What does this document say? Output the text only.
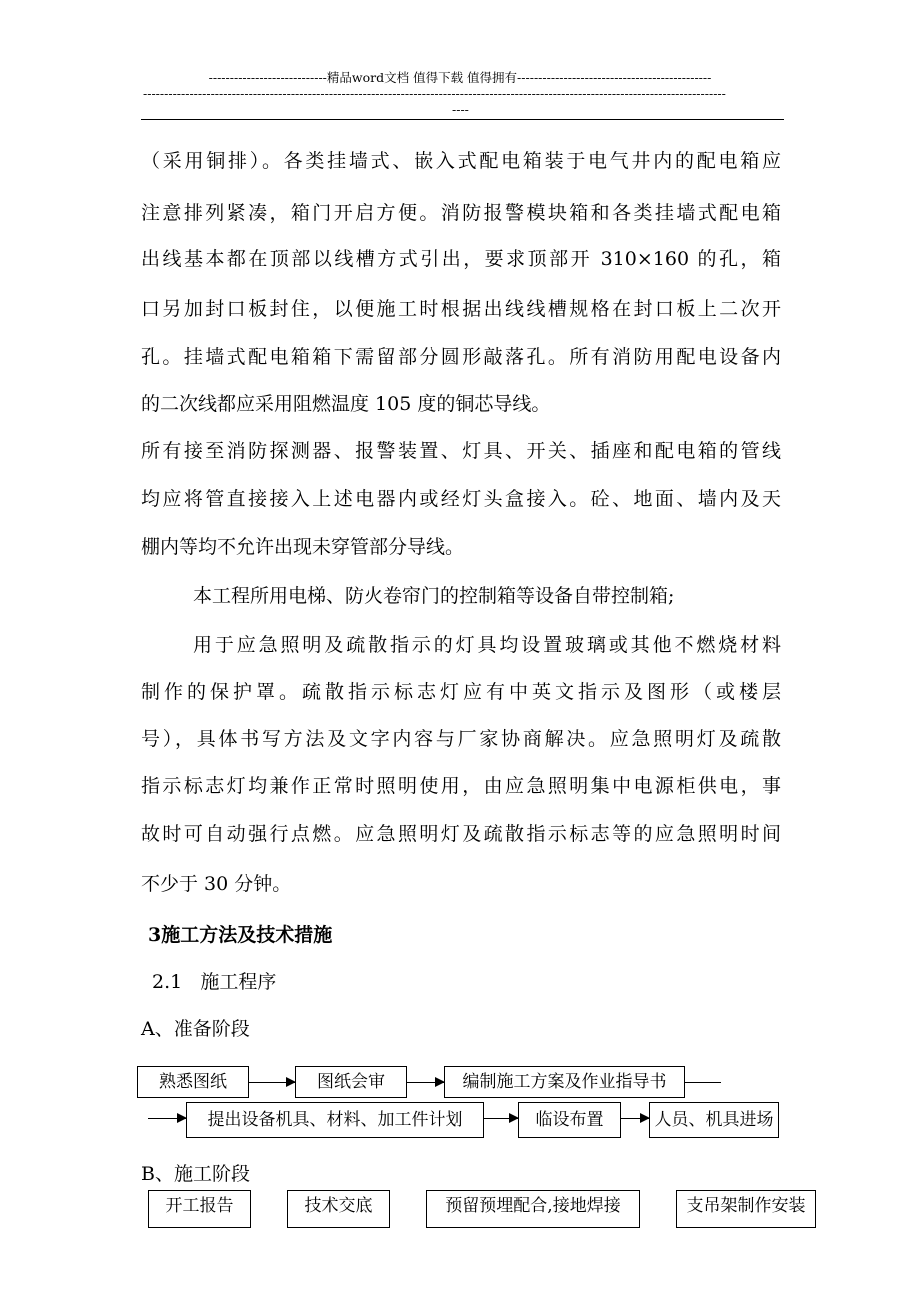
----------------------------精品word文档 值得下载 值得拥有----------------------------------------------
------------------------------------------------------------------------------------------------------------------------------------------
----
（采用铜排）。各类挂墙式、嵌入式配电箱装于电气井内的配电箱应
注意排列紧凑，箱门开启方便。消防报警模块箱和各类挂墙式配电箱
出线基本都在顶部以线槽方式引出，要求顶部开 310×160 的孔，箱
口另加封口板封住，以便施工时根据出线线槽规格在封口板上二次开
孔。挂墙式配电箱箱下需留部分圆形敲落孔。所有消防用配电设备内
的二次线都应采用阻燃温度 105 度的铜芯导线。
所有接至消防探测器、报警装置、灯具、开关、插座和配电箱的管线
均应将管直接接入上述电器内或经灯头盒接入。砼、地面、墙内及天
棚内等均不允许出现未穿管部分导线。
本工程所用电梯、防火卷帘门的控制箱等设备自带控制箱;
用于应急照明及疏散指示的灯具均设置玻璃或其他不燃烧材料
制作的保护罩。疏散指示标志灯应有中英文指示及图形（或楼层
号），具体书写方法及文字内容与厂家协商解决。应急照明灯及疏散
指示标志灯均兼作正常时照明使用，由应急照明集中电源柜供电，事
故时可自动强行点燃。应急照明灯及疏散指示标志等的应急照明时间
不少于 30 分钟。
3施工方法及技术措施
2.1   施工程序
A、准备阶段
熟悉图纸	图纸会审	编制施工方案及作业指导书
提出设备机具、材料、加工件计划	临设布置	人员、机具进场
B、施工阶段
开工报告	技术交底	预留预埋配合,接地焊接	支吊架制作安装
